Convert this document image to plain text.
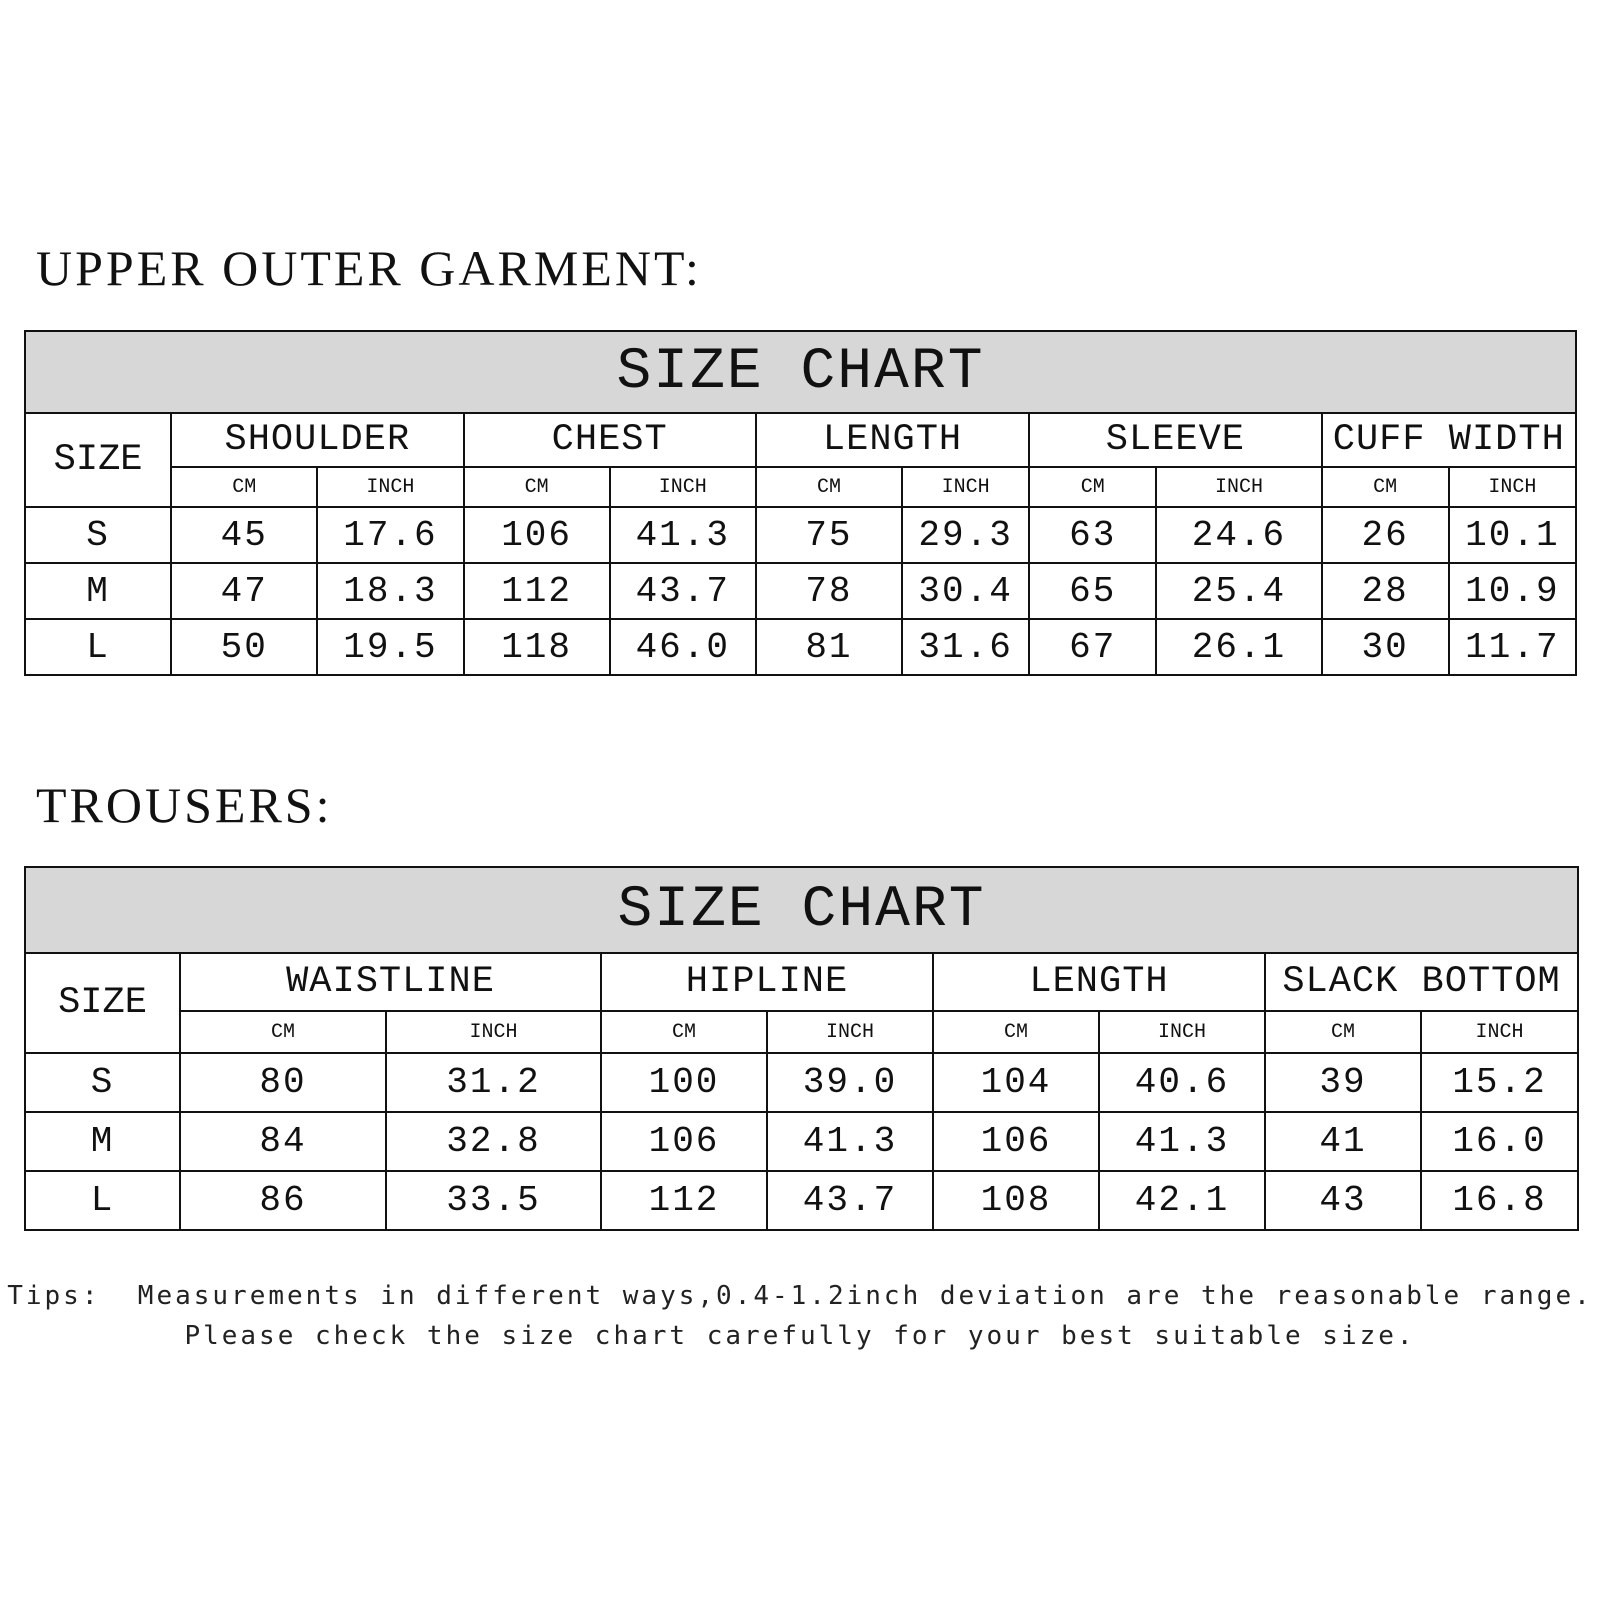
UPPER OUTER GARMENT:
SIZE CHART										
SIZE	SHOULDER		CHEST		LENGTH		SLEEVE		CUFF WIDTH	
	CM	INCH	CM	INCH	CM	INCH	CM	INCH	CM	INCH
S	45	17.6	106	41.3	75	29.3	63	24.6	26	10.1
M	47	18.3	112	43.7	78	30.4	65	25.4	28	10.9
L	50	19.5	118	46.0	81	31.6	67	26.1	30	11.7
TROUSERS:
SIZE CHART								
SIZE	WAISTLINE		HIPLINE		LENGTH		SLACK BOTTOM	
	CM	INCH	CM	INCH	CM	INCH	CM	INCH
S	80	31.2	100	39.0	104	40.6	39	15.2
M	84	32.8	106	41.3	106	41.3	41	16.0
L	86	33.5	112	43.7	108	42.1	43	16.8

Tips:  Measurements in different ways,0.4-1.2inch deviation are the reasonable range.

Please check the size chart carefully for your best suitable size.
